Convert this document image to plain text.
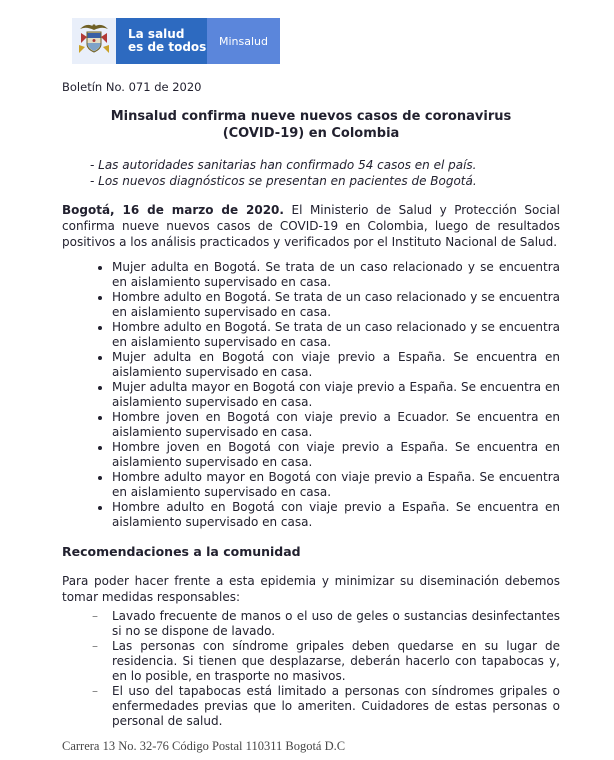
La salud
es de todos	Minsalud
Boletín No. 071 de 2020
Minsalud confirma nueve nuevos casos de coronavirus (COVID-19) en Colombia
- Las autoridades sanitarias han confirmado 54 casos en el país.
- Los nuevos diagnósticos se presentan en pacientes de Bogotá.

Bogotá, 16 de marzo de 2020. El Ministerio de Salud y Protección Social confirma nueve nuevos casos de COVID-19 en Colombia, luego de resultados positivos a los análisis practicados y verificados por el Instituto Nacional de Salud.

• Mujer adulta en Bogotá. Se trata de un caso relacionado y se encuentra en aislamiento supervisado en casa.
• Hombre adulto en Bogotá. Se trata de un caso relacionado y se encuentra en aislamiento supervisado en casa.
• Hombre adulto en Bogotá. Se trata de un caso relacionado y se encuentra en aislamiento supervisado en casa.
• Mujer adulta en Bogotá con viaje previo a España. Se encuentra en aislamiento supervisado en casa.
• Mujer adulta mayor en Bogotá con viaje previo a España. Se encuentra en aislamiento supervisado en casa.
• Hombre joven en Bogotá con viaje previo a Ecuador. Se encuentra en aislamiento supervisado en casa.
• Hombre joven en Bogotá con viaje previo a España. Se encuentra en aislamiento supervisado en casa.
• Hombre adulto mayor en Bogotá con viaje previo a España. Se encuentra en aislamiento supervisado en casa.
• Hombre adulto en Bogotá con viaje previo a España. Se encuentra en aislamiento supervisado en casa.
Recomendaciones a la comunidad

Para poder hacer frente a esta epidemia y minimizar su diseminación debemos tomar medidas responsables:

– Lavado frecuente de manos o el uso de geles o sustancias desinfectantes si no se dispone de lavado.
– Las personas con síndrome gripales deben quedarse en su lugar de residencia. Si tienen que desplazarse, deberán hacerlo con tapabocas y, en lo posible, en trasporte no masivos.
– El uso del tapabocas está limitado a personas con síndromes gripales o enfermedades previas que lo ameriten. Cuidadores de estas personas o personal de salud.
Carrera 13 No. 32-76 Código Postal 110311 Bogotá D.C
